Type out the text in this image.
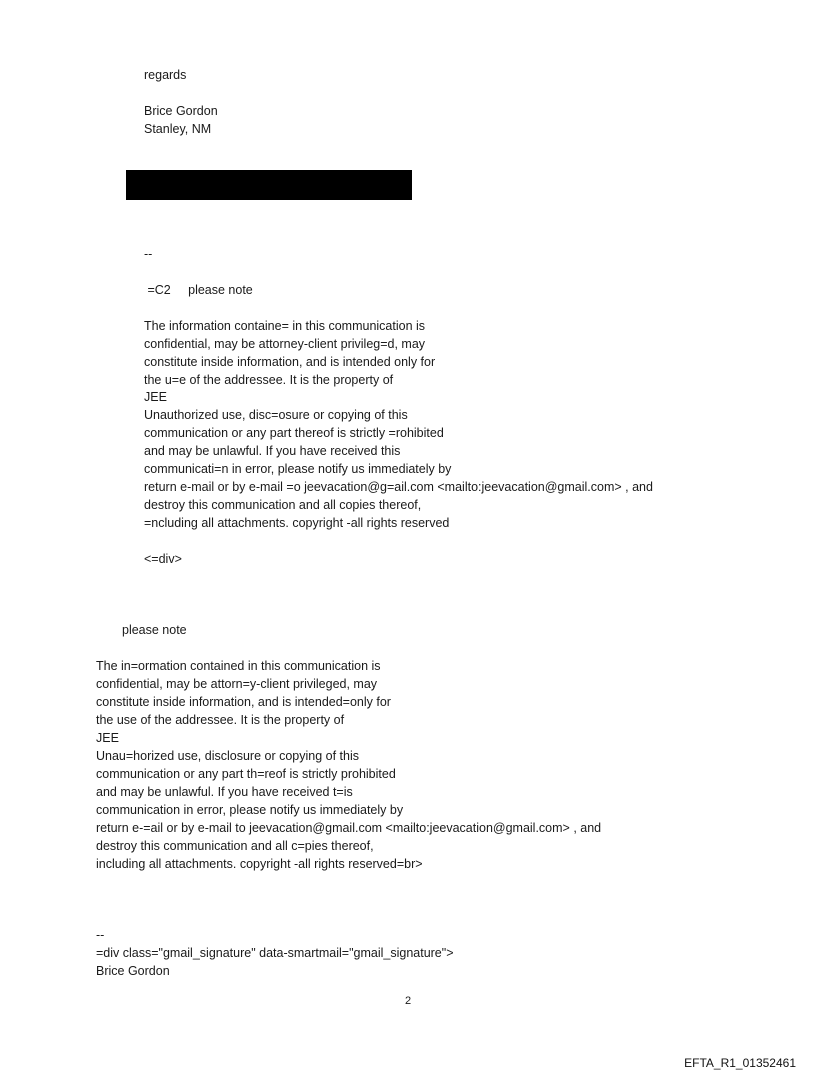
regards
Brice Gordon
Stanley, NM
--
=C2     please note
The information containe= in this communication is
confidential, may be attorney-client privileg=d, may
constitute inside information, and is intended only for
the u=e of the addressee. It is the property of
JEE
Unauthorized use, disc=osure or copying of this
communication or any part thereof is strictly =rohibited
and may be unlawful. If you have received this
communicati=n in error, please notify us immediately by
return e-mail or by e-mail =o jeevacation@g=ail.com <mailto:jeevacation@gmail.com> , and
destroy this communication and all copies thereof,
=ncluding all attachments. copyright -all rights reserved
<=div>
please note
The in=ormation contained in this communication is
confidential, may be attorn=y-client privileged, may
constitute inside information, and is intended=only for
the use of the addressee. It is the property of
JEE
Unau=horized use, disclosure or copying of this
communication or any part th=reof is strictly prohibited
and may be unlawful. If you have received t=is
communication in error, please notify us immediately by
return e-=ail or by e-mail to jeevacation@gmail.com <mailto:jeevacation@gmail.com> , and
destroy this communication and all c=pies thereof,
including all attachments. copyright -all rights reserved=br>
--
=div class="gmail_signature" data-smartmail="gmail_signature">
Brice Gordon
2
EFTA_R1_01352461
